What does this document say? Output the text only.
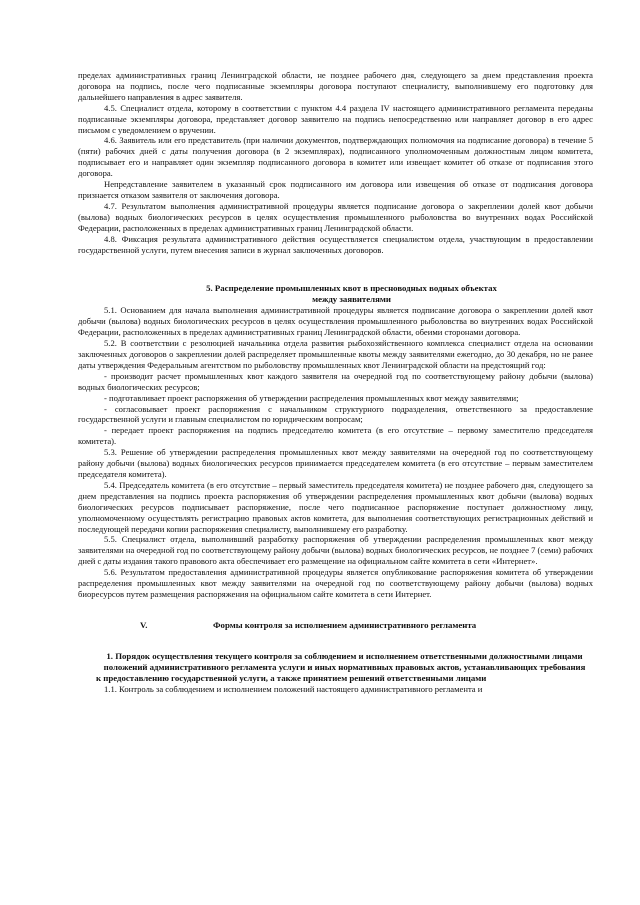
пределах административных границ Ленинградской области, не позднее рабочего дня, следующего за днем представления проекта договора на подпись, после чего подписанные экземпляры договора поступают специалисту, выполнившему его подготовку для дальнейшего направления в адрес заявителя.

4.5. Специалист отдела, которому в соответствии с пунктом 4.4 раздела IV настоящего административного регламента переданы подписанные экземпляры договора, представляет договор заявителю на подпись непосредственно или направляет договор в его адрес письмом с уведомлением о вручении.

4.6. Заявитель или его представитель (при наличии документов, подтверждающих полномочия на подписание договора) в течение 5 (пяти) рабочих дней с даты получения договора (в 2 экземплярах), подписанного уполномоченным должностным лицом комитета, подписывает его и направляет один экземпляр подписанного договора в комитет или извещает комитет об отказе от подписания этого договора.

Непредставление заявителем в указанный срок подписанного им договора или извещения об отказе от подписания договора признается отказом заявителя от заключения договора.

4.7. Результатом выполнения административной процедуры является подписание договора о закреплении долей квот добычи (вылова) водных биологических ресурсов в целях осуществления промышленного рыболовства во внутренних водах Российской Федерации, расположенных в пределах административных границ Ленинградской области.

4.8. Фиксация результата административного действия осуществляется специалистом отдела, участвующим в предоставлении государственной услуги, путем внесения записи в журнал заключенных договоров.

5. Распределение промышленных квот в пресноводных водных объектах

между заявителями

5.1. Основанием для начала выполнения административной процедуры является подписание договора о закреплении долей квот добычи (вылова) водных биологических ресурсов в целях осуществления промышленного рыболовства во внутренних водах Российской Федерации, расположенных в пределах административных границ Ленинградской области, обеими сторонами договора.

5.2. В соответствии с резолюцией начальника отдела развития рыбохозяйственного комплекса специалист отдела на основании заключенных договоров о закреплении долей распределяет промышленные квоты между заявителями ежегодно, до 30 декабря, но не ранее даты утверждения Федеральным агентством по рыболовству промышленных квот Ленинградской области на предстоящий год:

- производит расчет промышленных квот каждого заявителя на очередной год по соответствующему району добычи (вылова) водных биологических ресурсов;

- подготавливает проект распоряжения об утверждении распределения промышленных квот между заявителями;

- согласовывает проект распоряжения с начальником структурного подразделения, ответственного за предоставление государственной услуги и главным специалистом по юридическим вопросам;

- передает проект распоряжения на подпись председателю комитета (в его отсутствие – первому заместителю председателя комитета).

5.3. Решение об утверждении распределения промышленных квот между заявителями на очередной год по соответствующему району добычи (вылова) водных биологических ресурсов принимается председателем комитета (в его отсутствие – первым заместителем председателя комитета).

5.4. Председатель комитета (в его отсутствие – первый заместитель председателя комитета) не позднее рабочего дня, следующего за днем представления на подпись проекта распоряжения об утверждении распределения промышленных квот добычи (вылова) водных биологических ресурсов подписывает распоряжение, после чего подписанное распоряжение поступает должностному лицу, уполномоченному осуществлять регистрацию правовых актов комитета, для выполнения соответствующих регистрационных действий и последующей передачи копии распоряжения специалисту, выполнившему его разработку.

5.5. Специалист отдела, выполнивший разработку распоряжения об утверждении распределения промышленных квот между заявителями на очередной год по соответствующему району добычи (вылова) водных биологических ресурсов, не позднее 7 (семи) рабочих дней с даты издания такого правового акта обеспечивает его размещение на официальном сайте комитета в сети «Интернет».

5.6. Результатом предоставления административной процедуры является опубликование распоряжения комитета об утверждении распределения промышленных квот между заявителями на очередной год по соответствующему району добычи (вылова) водных биоресурсов путем размещения распоряжения на официальном сайте комитета в сети Интернет.

V.	Формы контроля за исполнением административного регламента

1. Порядок осуществления текущего контроля за соблюдением и исполнением ответственными должностными лицами положений административного регламента услуги и иных нормативных правовых актов, устанавливающих требования

к предоставлению государственной услуги, а также принятием решений ответственными лицами

1.1. Контроль за соблюдением и исполнением положений настоящего административного регламента и
